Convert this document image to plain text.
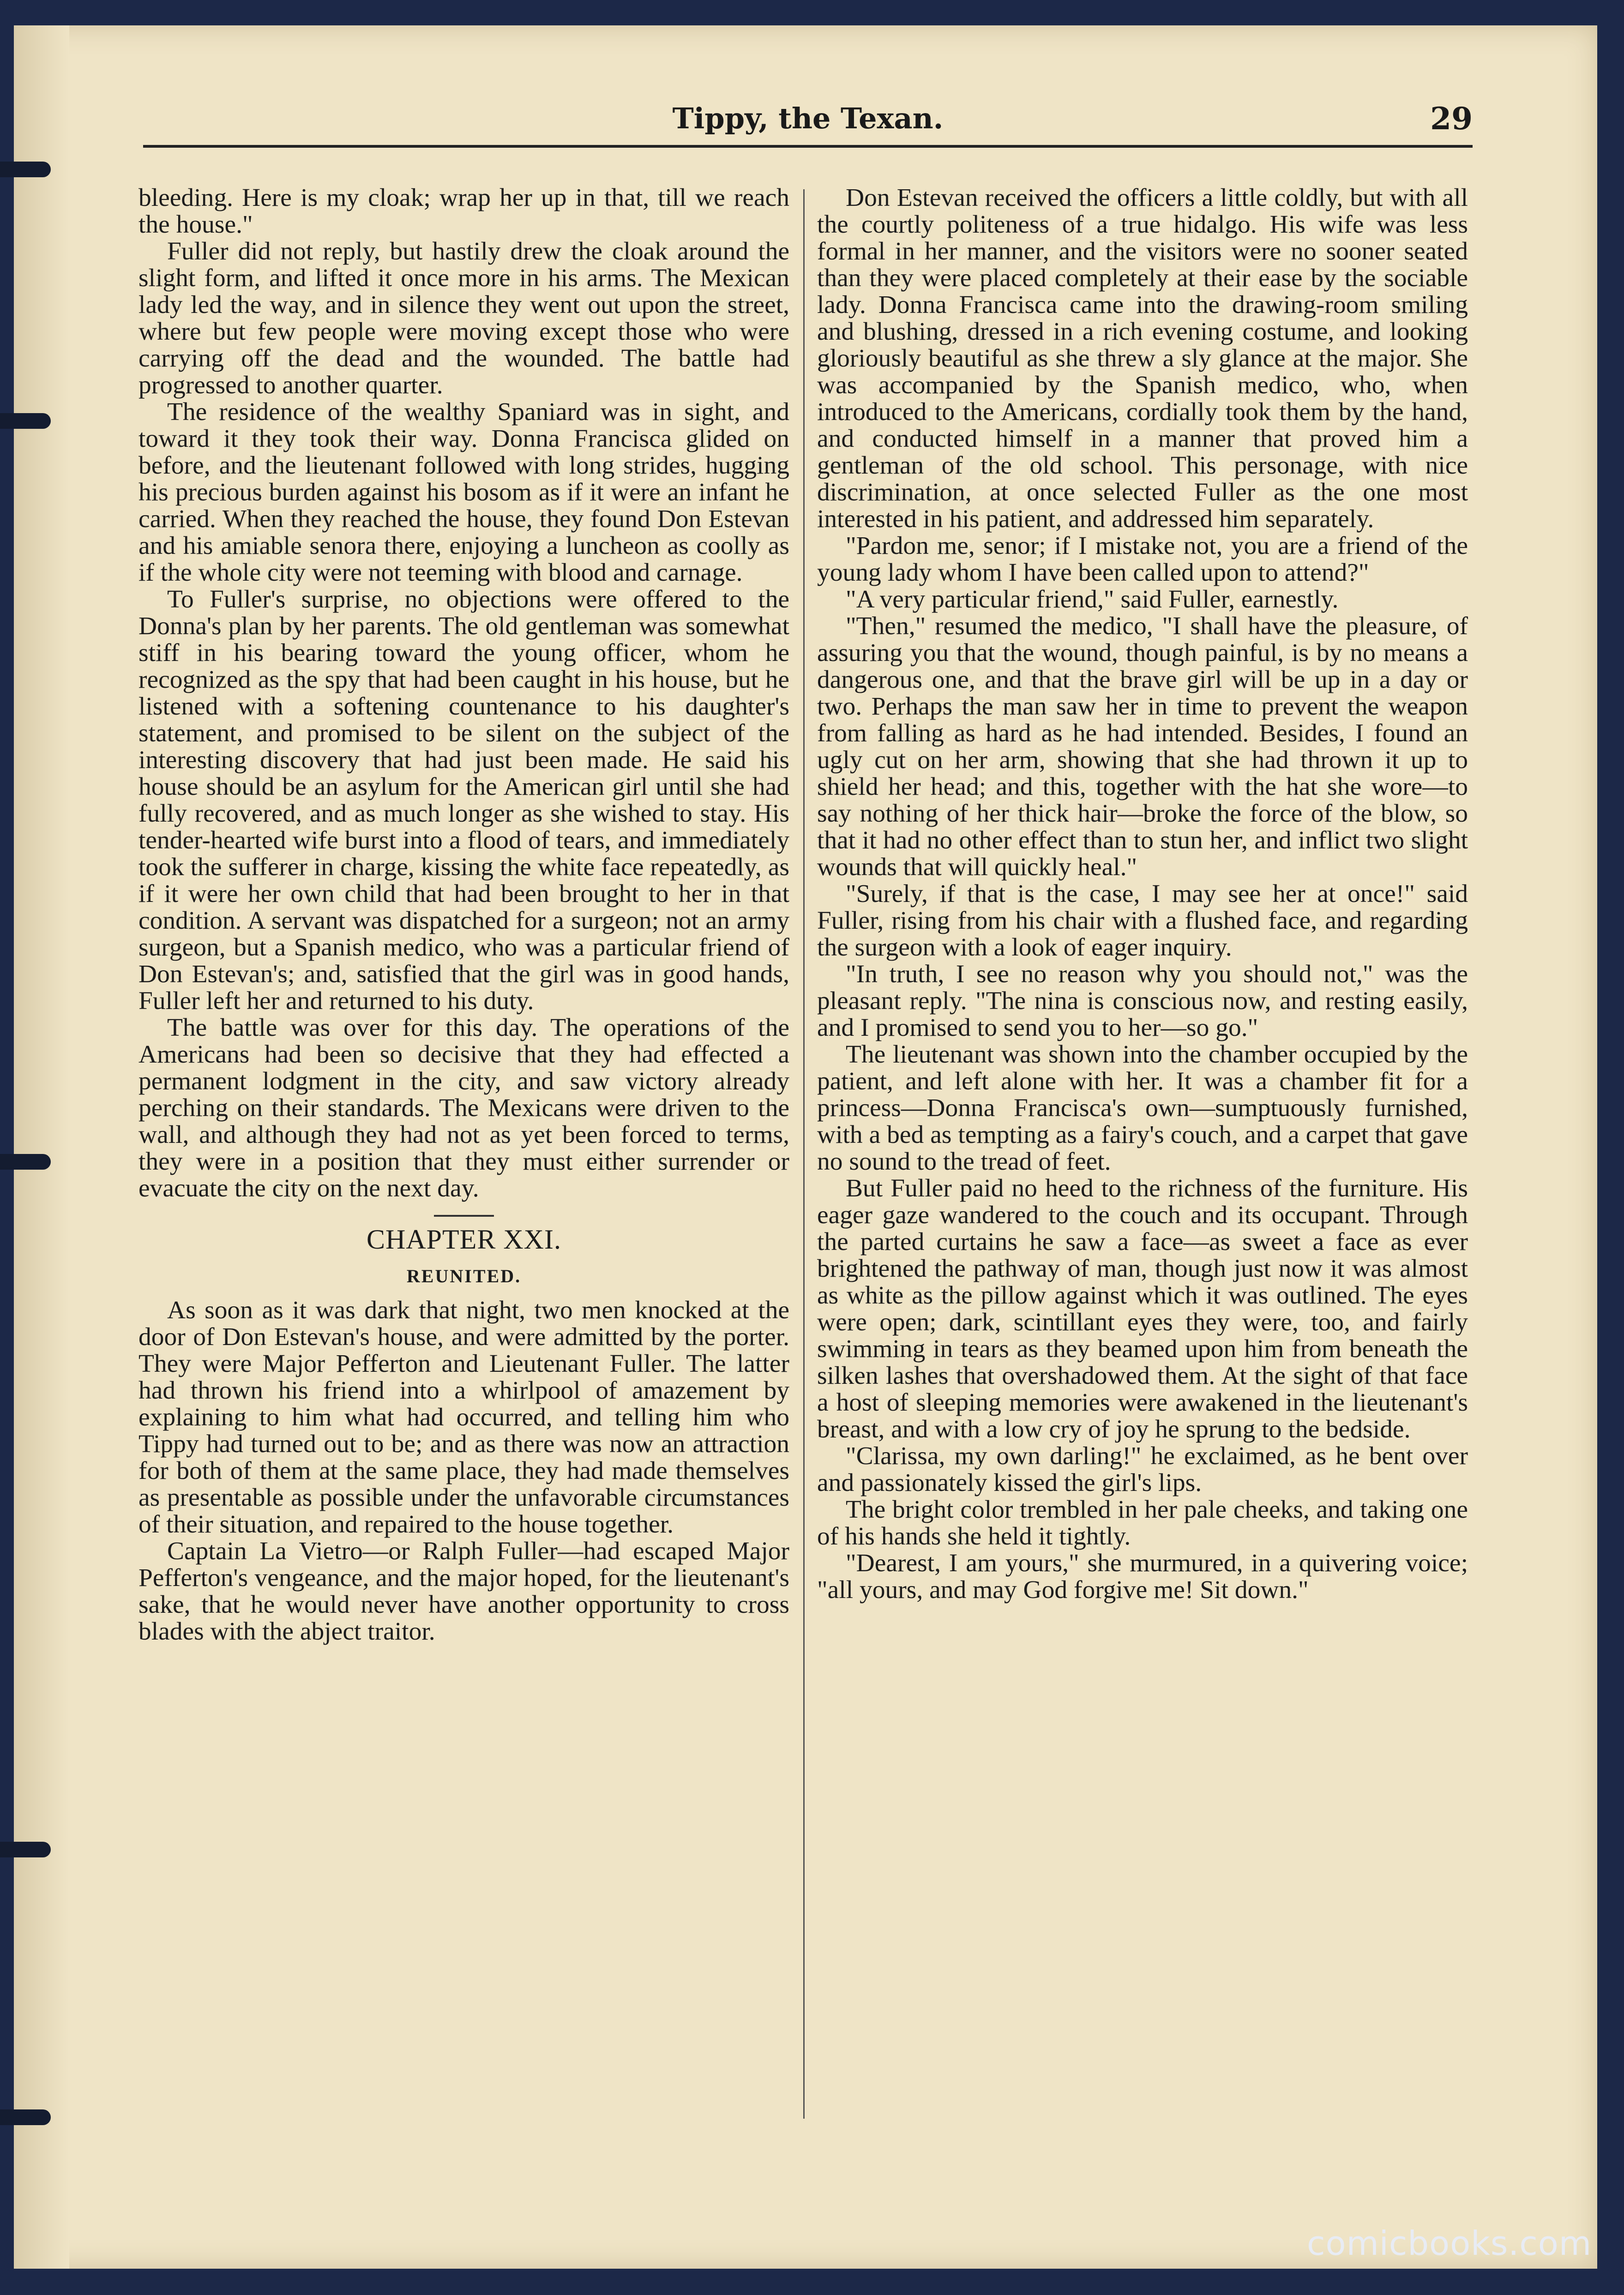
Tippy, the Texan.	29

bleeding. Here is my cloak; wrap her up in that, till we reach the house."

Fuller did not reply, but hastily drew the cloak around the slight form, and lifted it once more in his arms. The Mexican lady led the way, and in silence they went out upon the street, where but few people were moving except those who were carrying off the dead and the wounded. The battle had progressed to another quarter.

The residence of the wealthy Spaniard was in sight, and toward it they took their way. Donna Francisca glided on before, and the lieutenant followed with long strides, hugging his precious burden against his bosom as if it were an infant he carried. When they reached the house, they found Don Estevan and his amiable senora there, enjoying a luncheon as coolly as if the whole city were not teeming with blood and carnage.

To Fuller's surprise, no objections were offered to the Donna's plan by her parents. The old gentleman was somewhat stiff in his bearing toward the young officer, whom he recognized as the spy that had been caught in his house, but he listened with a softening countenance to his daughter's statement, and promised to be silent on the subject of the interesting discovery that had just been made. He said his house should be an asylum for the American girl until she had fully recovered, and as much longer as she wished to stay. His tender-hearted wife burst into a flood of tears, and immediately took the sufferer in charge, kissing the white face repeatedly, as if it were her own child that had been brought to her in that condition. A servant was dispatched for a surgeon; not an army surgeon, but a Spanish medico, who was a particular friend of Don Estevan's; and, satisfied that the girl was in good hands, Fuller left her and returned to his duty.

The battle was over for this day. The operations of the Americans had been so decisive that they had effected a permanent lodgment in the city, and saw victory already perching on their standards. The Mexicans were driven to the wall, and although they had not as yet been forced to terms, they were in a position that they must either surrender or evacuate the city on the next day.

CHAPTER XXI.
REUNITED.

As soon as it was dark that night, two men knocked at the door of Don Estevan's house, and were admitted by the porter. They were Major Pefferton and Lieutenant Fuller. The latter had thrown his friend into a whirlpool of amazement by explaining to him what had occurred, and telling him who Tippy had turned out to be; and as there was now an attraction for both of them at the same place, they had made themselves as presentable as possible under the unfavorable circumstances of their situation, and repaired to the house together.

Captain La Vietro—or Ralph Fuller—had escaped Major Pefferton's vengeance, and the major hoped, for the lieutenant's sake, that he would never have another opportunity to cross blades with the abject traitor.

Don Estevan received the officers a little coldly, but with all the courtly politeness of a true hidalgo. His wife was less formal in her manner, and the visitors were no sooner seated than they were placed completely at their ease by the sociable lady. Donna Francisca came into the drawing-room smiling and blushing, dressed in a rich evening costume, and looking gloriously beautiful as she threw a sly glance at the major. She was accompanied by the Spanish medico, who, when introduced to the Americans, cordially took them by the hand, and conducted himself in a manner that proved him a gentleman of the old school. This personage, with nice discrimination, at once selected Fuller as the one most interested in his patient, and addressed him separately.

"Pardon me, senor; if I mistake not, you are a friend of the young lady whom I have been called upon to attend?"

"A very particular friend," said Fuller, earnestly.

"Then," resumed the medico, "I shall have the pleasure, of assuring you that the wound, though painful, is by no means a dangerous one, and that the brave girl will be up in a day or two. Perhaps the man saw her in time to prevent the weapon from falling as hard as he had intended. Besides, I found an ugly cut on her arm, showing that she had thrown it up to shield her head; and this, together with the hat she wore—to say nothing of her thick hair—broke the force of the blow, so that it had no other effect than to stun her, and inflict two slight wounds that will quickly heal."

"Surely, if that is the case, I may see her at once!" said Fuller, rising from his chair with a flushed face, and regarding the surgeon with a look of eager inquiry.

"In truth, I see no reason why you should not," was the pleasant reply. "The nina is conscious now, and resting easily, and I promised to send you to her—so go."

The lieutenant was shown into the chamber occupied by the patient, and left alone with her. It was a chamber fit for a princess—Donna Francisca's own—sumptuously furnished, with a bed as tempting as a fairy's couch, and a carpet that gave no sound to the tread of feet.

But Fuller paid no heed to the richness of the furniture. His eager gaze wandered to the couch and its occupant. Through the parted curtains he saw a face—as sweet a face as ever brightened the pathway of man, though just now it was almost as white as the pillow against which it was outlined. The eyes were open; dark, scintillant eyes they were, too, and fairly swimming in tears as they beamed upon him from beneath the silken lashes that overshadowed them. At the sight of that face a host of sleeping memories were awakened in the lieutenant's breast, and with a low cry of joy he sprung to the bedside.

"Clarissa, my own darling!" he exclaimed, as he bent over and passionately kissed the girl's lips.

The bright color trembled in her pale cheeks, and taking one of his hands she held it tightly.

"Dearest, I am yours," she murmured, in a quivering voice; "all yours, and may God forgive me! Sit down."

comicbooks.com
